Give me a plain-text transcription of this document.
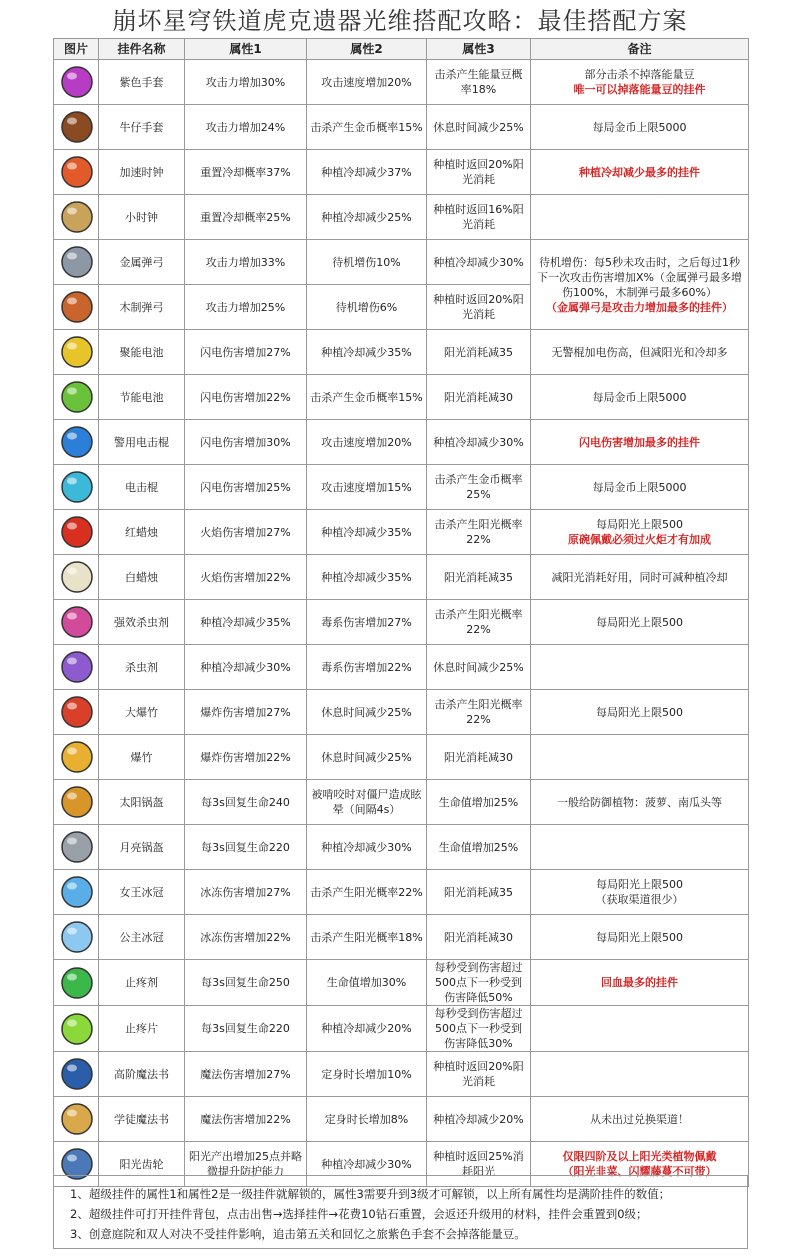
崩坏星穹铁道虎克遗器光维搭配攻略：最佳搭配方案
图片	挂件名称	属性1	属性2	属性3	备注

	紫色手套	攻击力增加30%	攻击速度增加20%	击杀产生能量豆概率18%	部分击杀不掉落能量豆
唯一可以掉落能量豆的挂件

	牛仔手套	攻击力增加24%	击杀产生金币概率15%	休息时间减少25%	每局金币上限5000

	加速时钟	重置冷却概率37%	种植冷却减少37%	种植时返回20%阳光消耗	种植冷却减少最多的挂件

	小时钟	重置冷却概率25%	种植冷却减少25%	种植时返回16%阳光消耗	

	金属弹弓	攻击力增加33%	待机增伤10%	种植冷却减少30%	待机增伤：每5秒未攻击时，之后每过1秒下一次攻击伤害增加X%（金属弹弓最多增伤100%，木制弹弓最多60%）
（金属弹弓是攻击力增加最多的挂件）

	木制弹弓	攻击力增加25%	待机增伤6%	种植时返回20%阳光消耗	

	聚能电池	闪电伤害增加27%	种植冷却减少35%	阳光消耗减35	无警棍加电伤高，但减阳光和冷却多

	节能电池	闪电伤害增加22%	击杀产生金币概率15%	阳光消耗减30	每局金币上限5000

	警用电击棍	闪电伤害增加30%	攻击速度增加20%	种植冷却减少30%	闪电伤害增加最多的挂件

	电击棍	闪电伤害增加25%	攻击速度增加15%	击杀产生金币概率25%	每局金币上限5000

	红蜡烛	火焰伤害增加27%	种植冷却减少35%	击杀产生阳光概率22%	每局阳光上限500
原碗佩戴必须过火炬才有加成

	白蜡烛	火焰伤害增加22%	种植冷却减少35%	阳光消耗减35	减阳光消耗好用，同时可减种植冷却

	强效杀虫剂	种植冷却减少35%	毒系伤害增加27%	击杀产生阳光概率22%	每局阳光上限500

	杀虫剂	种植冷却减少30%	毒系伤害增加22%	休息时间减少25%	

	大爆竹	爆炸伤害增加27%	休息时间减少25%	击杀产生阳光概率22%	每局阳光上限500

	爆竹	爆炸伤害增加22%	休息时间减少25%	阳光消耗减30	

	太阳锅盔	每3s回复生命240	被啃咬时对僵尸造成眩晕（间隔4s）	生命值增加25%	一般给防御植物：菠萝、南瓜头等

	月亮锅盔	每3s回复生命220	种植冷却减少30%	生命值增加25%	

	女王冰冠	冰冻伤害增加27%	击杀产生阳光概率22%	阳光消耗减35	每局阳光上限500
（获取渠道很少）

	公主冰冠	冰冻伤害增加22%	击杀产生阳光概率18%	阳光消耗减30	每局阳光上限500

	止疼剂	每3s回复生命250	生命值增加30%	每秒受到伤害超过500点下一秒受到伤害降低50%	回血最多的挂件

	止疼片	每3s回复生命220	种植冷却减少20%	每秒受到伤害超过500点下一秒受到伤害降低30%	

	高阶魔法书	魔法伤害增加27%	定身时长增加10%	种植时返回20%阳光消耗	

	学徒魔法书	魔法伤害增加22%	定身时长增加8%	种植冷却减少20%	从未出过兑换渠道！

	阳光齿轮	阳光产出增加25点并略微提升防护能力	种植冷却减少30%	种植时返回25%消耗阳光	仅限四阶及以上阳光类植物佩戴
（阳光韭菜、闪耀藤蔓不可带）
1、超级挂件的属性1和属性2是一级挂件就解锁的，属性3需要升到3级才可解锁，以上所有属性均是满阶挂件的数值；
2、超级挂件可打开挂件背包，点击出售→选择挂件→花费10钻石重置，会返还升级用的材料，挂件会重置到0级；
3、创意庭院和双人对决不受挂件影响，追击第五关和回忆之旅紫色手套不会掉落能量豆。
